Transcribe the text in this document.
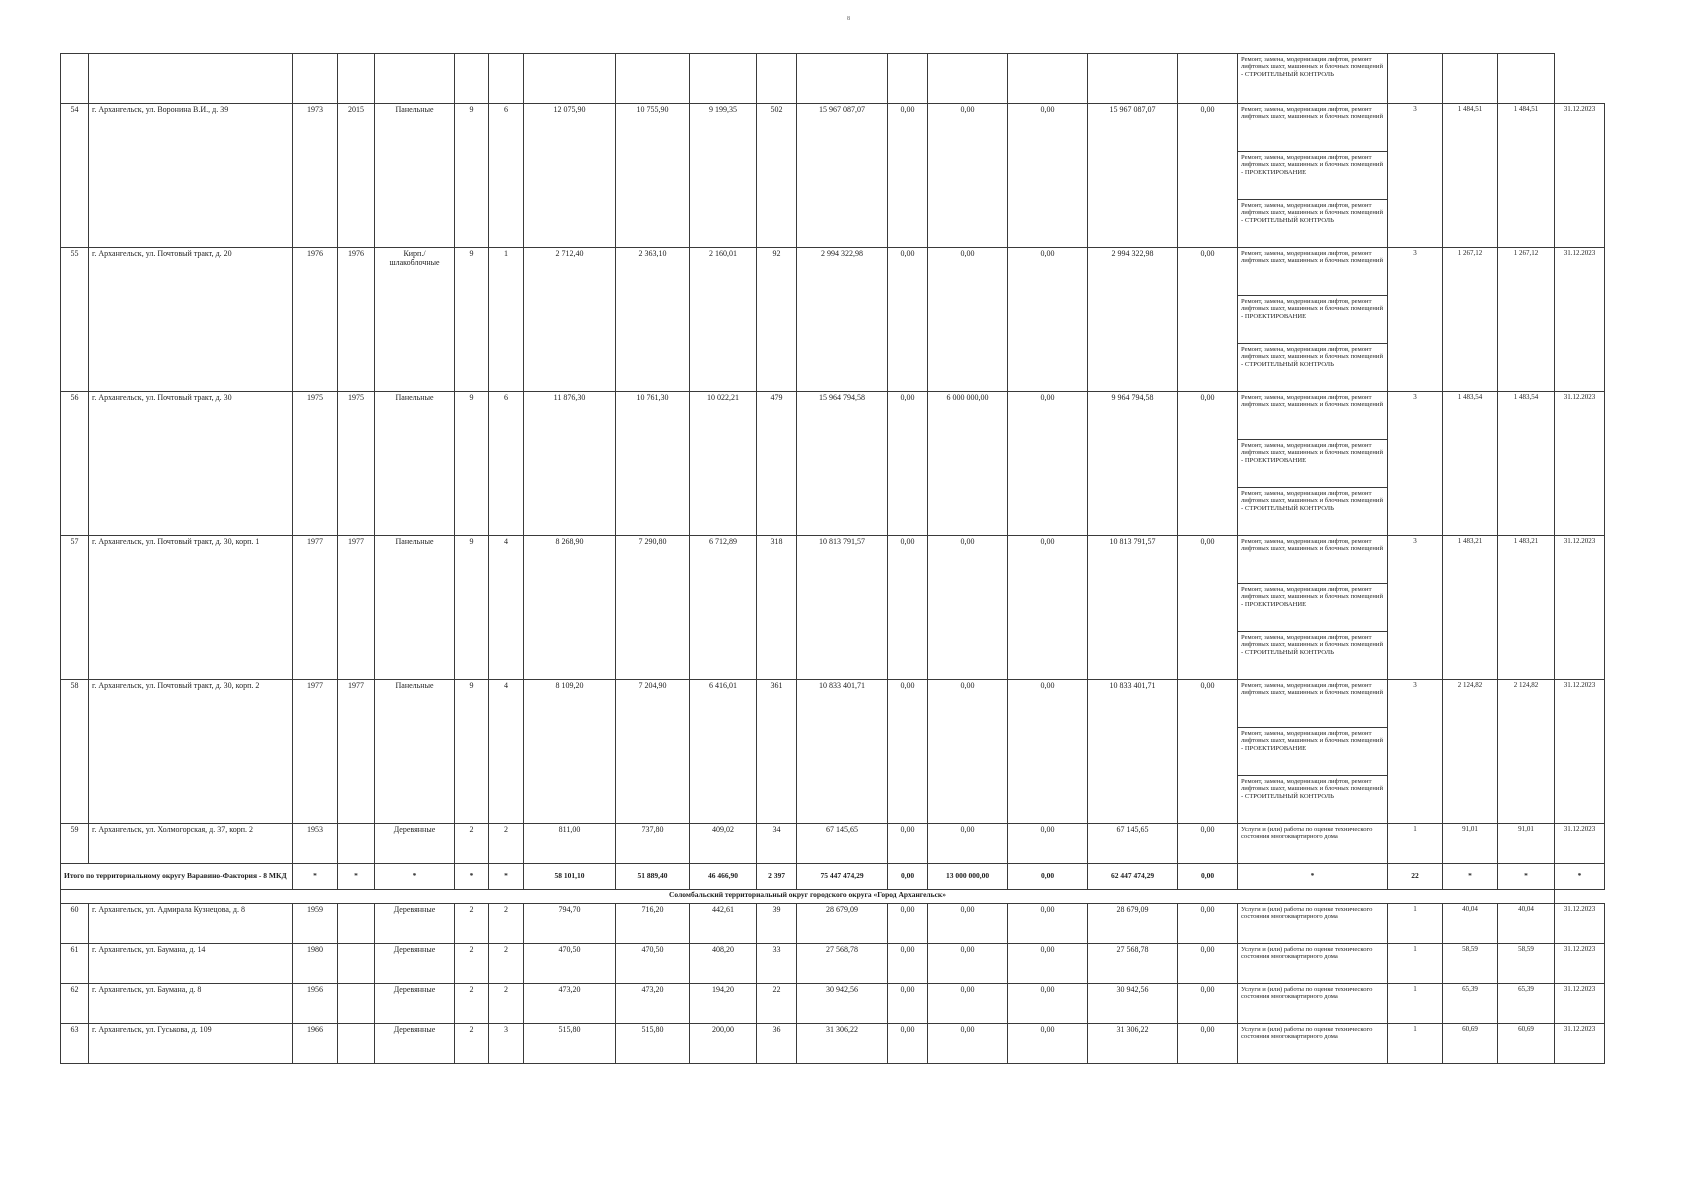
8
																	Ремонт, замена, модернизация лифтов, ремонт лифтовых шахт, машинных и блочных помещений - СТРОИТЕЛЬНЫЙ КОНТРОЛЬ				
54	г. Архангельск, ул. Воронина В.И., д. 39	1973	2015	Панельные	9	6	12 075,90	10 755,90	9 199,35	502	15 967 087,07	0,00	0,00	0,00	15 967 087,07	0,00	Ремонт, замена, модернизация лифтов, ремонт лифтовых шахт, машинных и блочных помещений	3	1 484,51	1 484,51	31.12.2023
																	Ремонт, замена, модернизация лифтов, ремонт лифтовых шахт, машинных и блочных помещений - ПРОЕКТИРОВАНИЕ				
																	Ремонт, замена, модернизация лифтов, ремонт лифтовых шахт, машинных и блочных помещений - СТРОИТЕЛЬНЫЙ КОНТРОЛЬ				
55	г. Архангельск, ул. Почтовый тракт, д. 20	1976	1976	Кирп./ шлакоблочные	9	1	2 712,40	2 363,10	2 160,01	92	2 994 322,98	0,00	0,00	0,00	2 994 322,98	0,00	Ремонт, замена, модернизация лифтов, ремонт лифтовых шахт, машинных и блочных помещений	3	1 267,12	1 267,12	31.12.2023
																	Ремонт, замена, модернизация лифтов, ремонт лифтовых шахт, машинных и блочных помещений - ПРОЕКТИРОВАНИЕ				
																	Ремонт, замена, модернизация лифтов, ремонт лифтовых шахт, машинных и блочных помещений - СТРОИТЕЛЬНЫЙ КОНТРОЛЬ				
56	г. Архангельск, ул. Почтовый тракт, д. 30	1975	1975	Панельные	9	6	11 876,30	10 761,30	10 022,21	479	15 964 794,58	0,00	6 000 000,00	0,00	9 964 794,58	0,00	Ремонт, замена, модернизация лифтов, ремонт лифтовых шахт, машинных и блочных помещений	3	1 483,54	1 483,54	31.12.2023
																	Ремонт, замена, модернизация лифтов, ремонт лифтовых шахт, машинных и блочных помещений - ПРОЕКТИРОВАНИЕ				
																	Ремонт, замена, модернизация лифтов, ремонт лифтовых шахт, машинных и блочных помещений - СТРОИТЕЛЬНЫЙ КОНТРОЛЬ				
57	г. Архангельск, ул. Почтовый тракт, д. 30, корп. 1	1977	1977	Панельные	9	4	8 268,90	7 290,80	6 712,89	318	10 813 791,57	0,00	0,00	0,00	10 813 791,57	0,00	Ремонт, замена, модернизация лифтов, ремонт лифтовых шахт, машинных и блочных помещений	3	1 483,21	1 483,21	31.12.2023
																	Ремонт, замена, модернизация лифтов, ремонт лифтовых шахт, машинных и блочных помещений - ПРОЕКТИРОВАНИЕ				
																	Ремонт, замена, модернизация лифтов, ремонт лифтовых шахт, машинных и блочных помещений - СТРОИТЕЛЬНЫЙ КОНТРОЛЬ				
58	г. Архангельск, ул. Почтовый тракт, д. 30, корп. 2	1977	1977	Панельные	9	4	8 109,20	7 204,90	6 416,01	361	10 833 401,71	0,00	0,00	0,00	10 833 401,71	0,00	Ремонт, замена, модернизация лифтов, ремонт лифтовых шахт, машинных и блочных помещений	3	2 124,82	2 124,82	31.12.2023
																	Ремонт, замена, модернизация лифтов, ремонт лифтовых шахт, машинных и блочных помещений - ПРОЕКТИРОВАНИЕ				
																	Ремонт, замена, модернизация лифтов, ремонт лифтовых шахт, машинных и блочных помещений - СТРОИТЕЛЬНЫЙ КОНТРОЛЬ				
59	г. Архангельск, ул. Холмогорская, д. 37, корп. 2	1953		Деревянные	2	2	811,00	737,80	409,02	34	67 145,65	0,00	0,00	0,00	67 145,65	0,00	Услуги и (или) работы по оценке технического состояния многоквартирного дома	1	91,01	91,01	31.12.2023
Итого по территориальному округу Варавино-Фактория - 8 МКД		*	*	*	*	*	58 101,10	51 889,40	46 466,90	2 397	75 447 474,29	0,00	13 000 000,00	0,00	62 447 474,29	0,00	*	22	*	*	*
Соломбальский территориальный округ городского округа «Город Архангельск»																					
60	г. Архангельск, ул. Адмирала Кузнецова, д. 8	1959		Деревянные	2	2	794,70	716,20	442,61	39	28 679,09	0,00	0,00	0,00	28 679,09	0,00	Услуги и (или) работы по оценке технического состояния многоквартирного дома	1	40,04	40,04	31.12.2023
61	г. Архангельск, ул. Баумана, д. 14	1980		Деревянные	2	2	470,50	470,50	408,20	33	27 568,78	0,00	0,00	0,00	27 568,78	0,00	Услуги и (или) работы по оценке технического состояния многоквартирного дома	1	58,59	58,59	31.12.2023
62	г. Архангельск, ул. Баумана, д. 8	1956		Деревянные	2	2	473,20	473,20	194,20	22	30 942,56	0,00	0,00	0,00	30 942,56	0,00	Услуги и (или) работы по оценке технического состояния многоквартирного дома	1	65,39	65,39	31.12.2023
63	г. Архангельск, ул. Гуськова, д. 109	1966		Деревянные	2	3	515,80	515,80	200,00	36	31 306,22	0,00	0,00	0,00	31 306,22	0,00	Услуги и (или) работы по оценке технического состояния многоквартирного дома	1	60,69	60,69	31.12.2023
